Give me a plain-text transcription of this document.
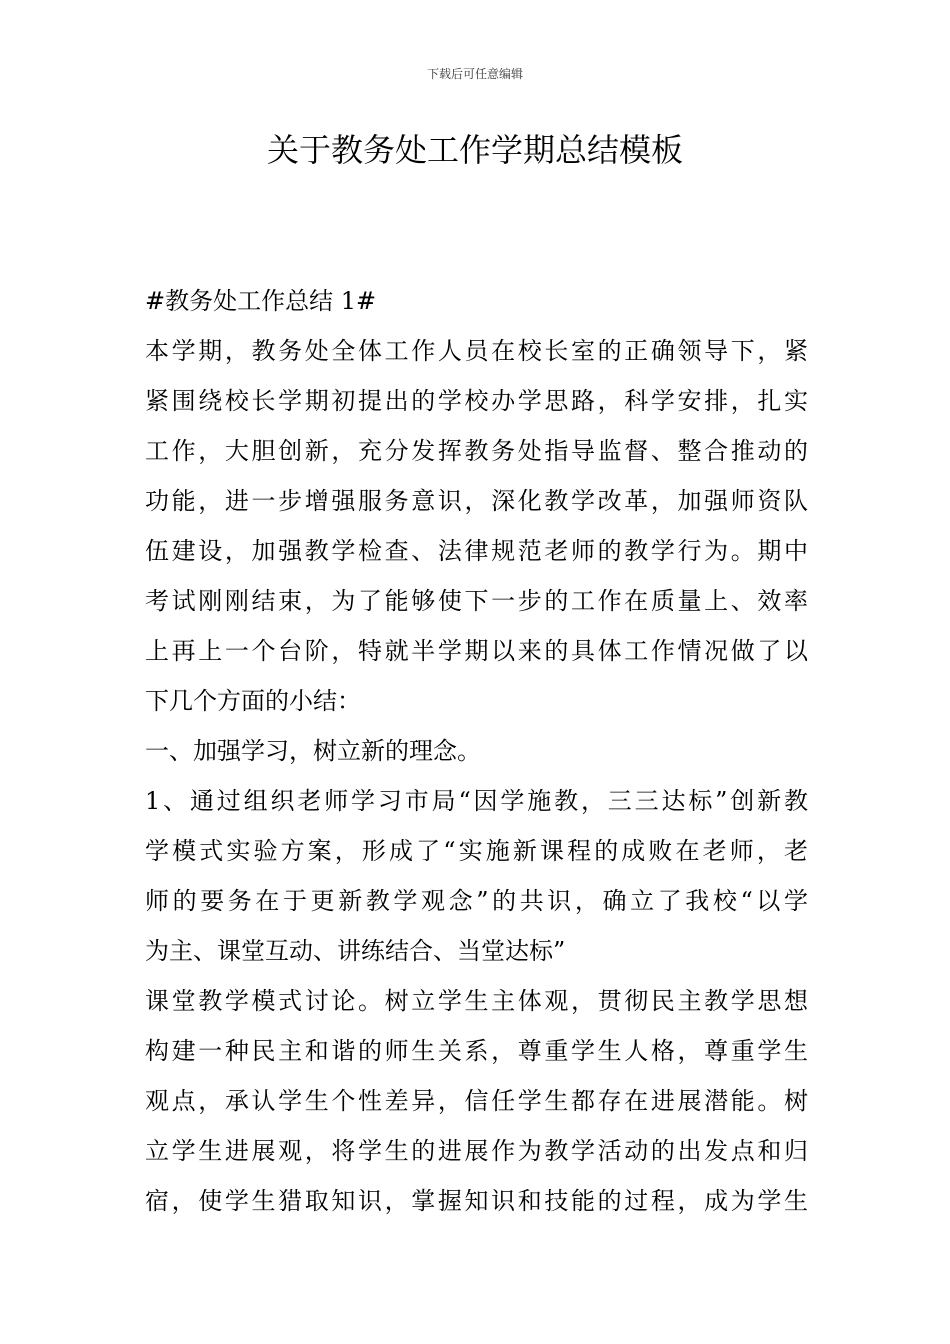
下载后可任意编辑
关于教务处工作学期总结模板
#教务处工作总结 1#
本学期，教务处全体工作人员在校长室的正确领导下，紧
紧围绕校长学期初提出的学校办学思路，科学安排，扎实
工作，大胆创新，充分发挥教务处指导监督、整合推动的
功能，进一步增强服务意识，深化教学改革，加强师资队
伍建设，加强教学检查、法律规范老师的教学行为。期中
考试刚刚结束，为了能够使下一步的工作在质量上、效率
上再上一个台阶，特就半学期以来的具体工作情况做了以
下几个方面的小结：
一、加强学习，树立新的理念。
1、通过组织老师学习市局“因学施教，三三达标”创新教
学模式实验方案，形成了“实施新课程的成败在老师，老
师的要务在于更新教学观念”的共识，确立了我校“以学
为主、课堂互动、讲练结合、当堂达标”
课堂教学模式讨论。树立学生主体观，贯彻民主教学思想
构建一种民主和谐的师生关系，尊重学生人格，尊重学生
观点，承认学生个性差异，信任学生都存在进展潜能。树
立学生进展观，将学生的进展作为教学活动的出发点和归
宿，使学生猎取知识，掌握知识和技能的过程，成为学生
